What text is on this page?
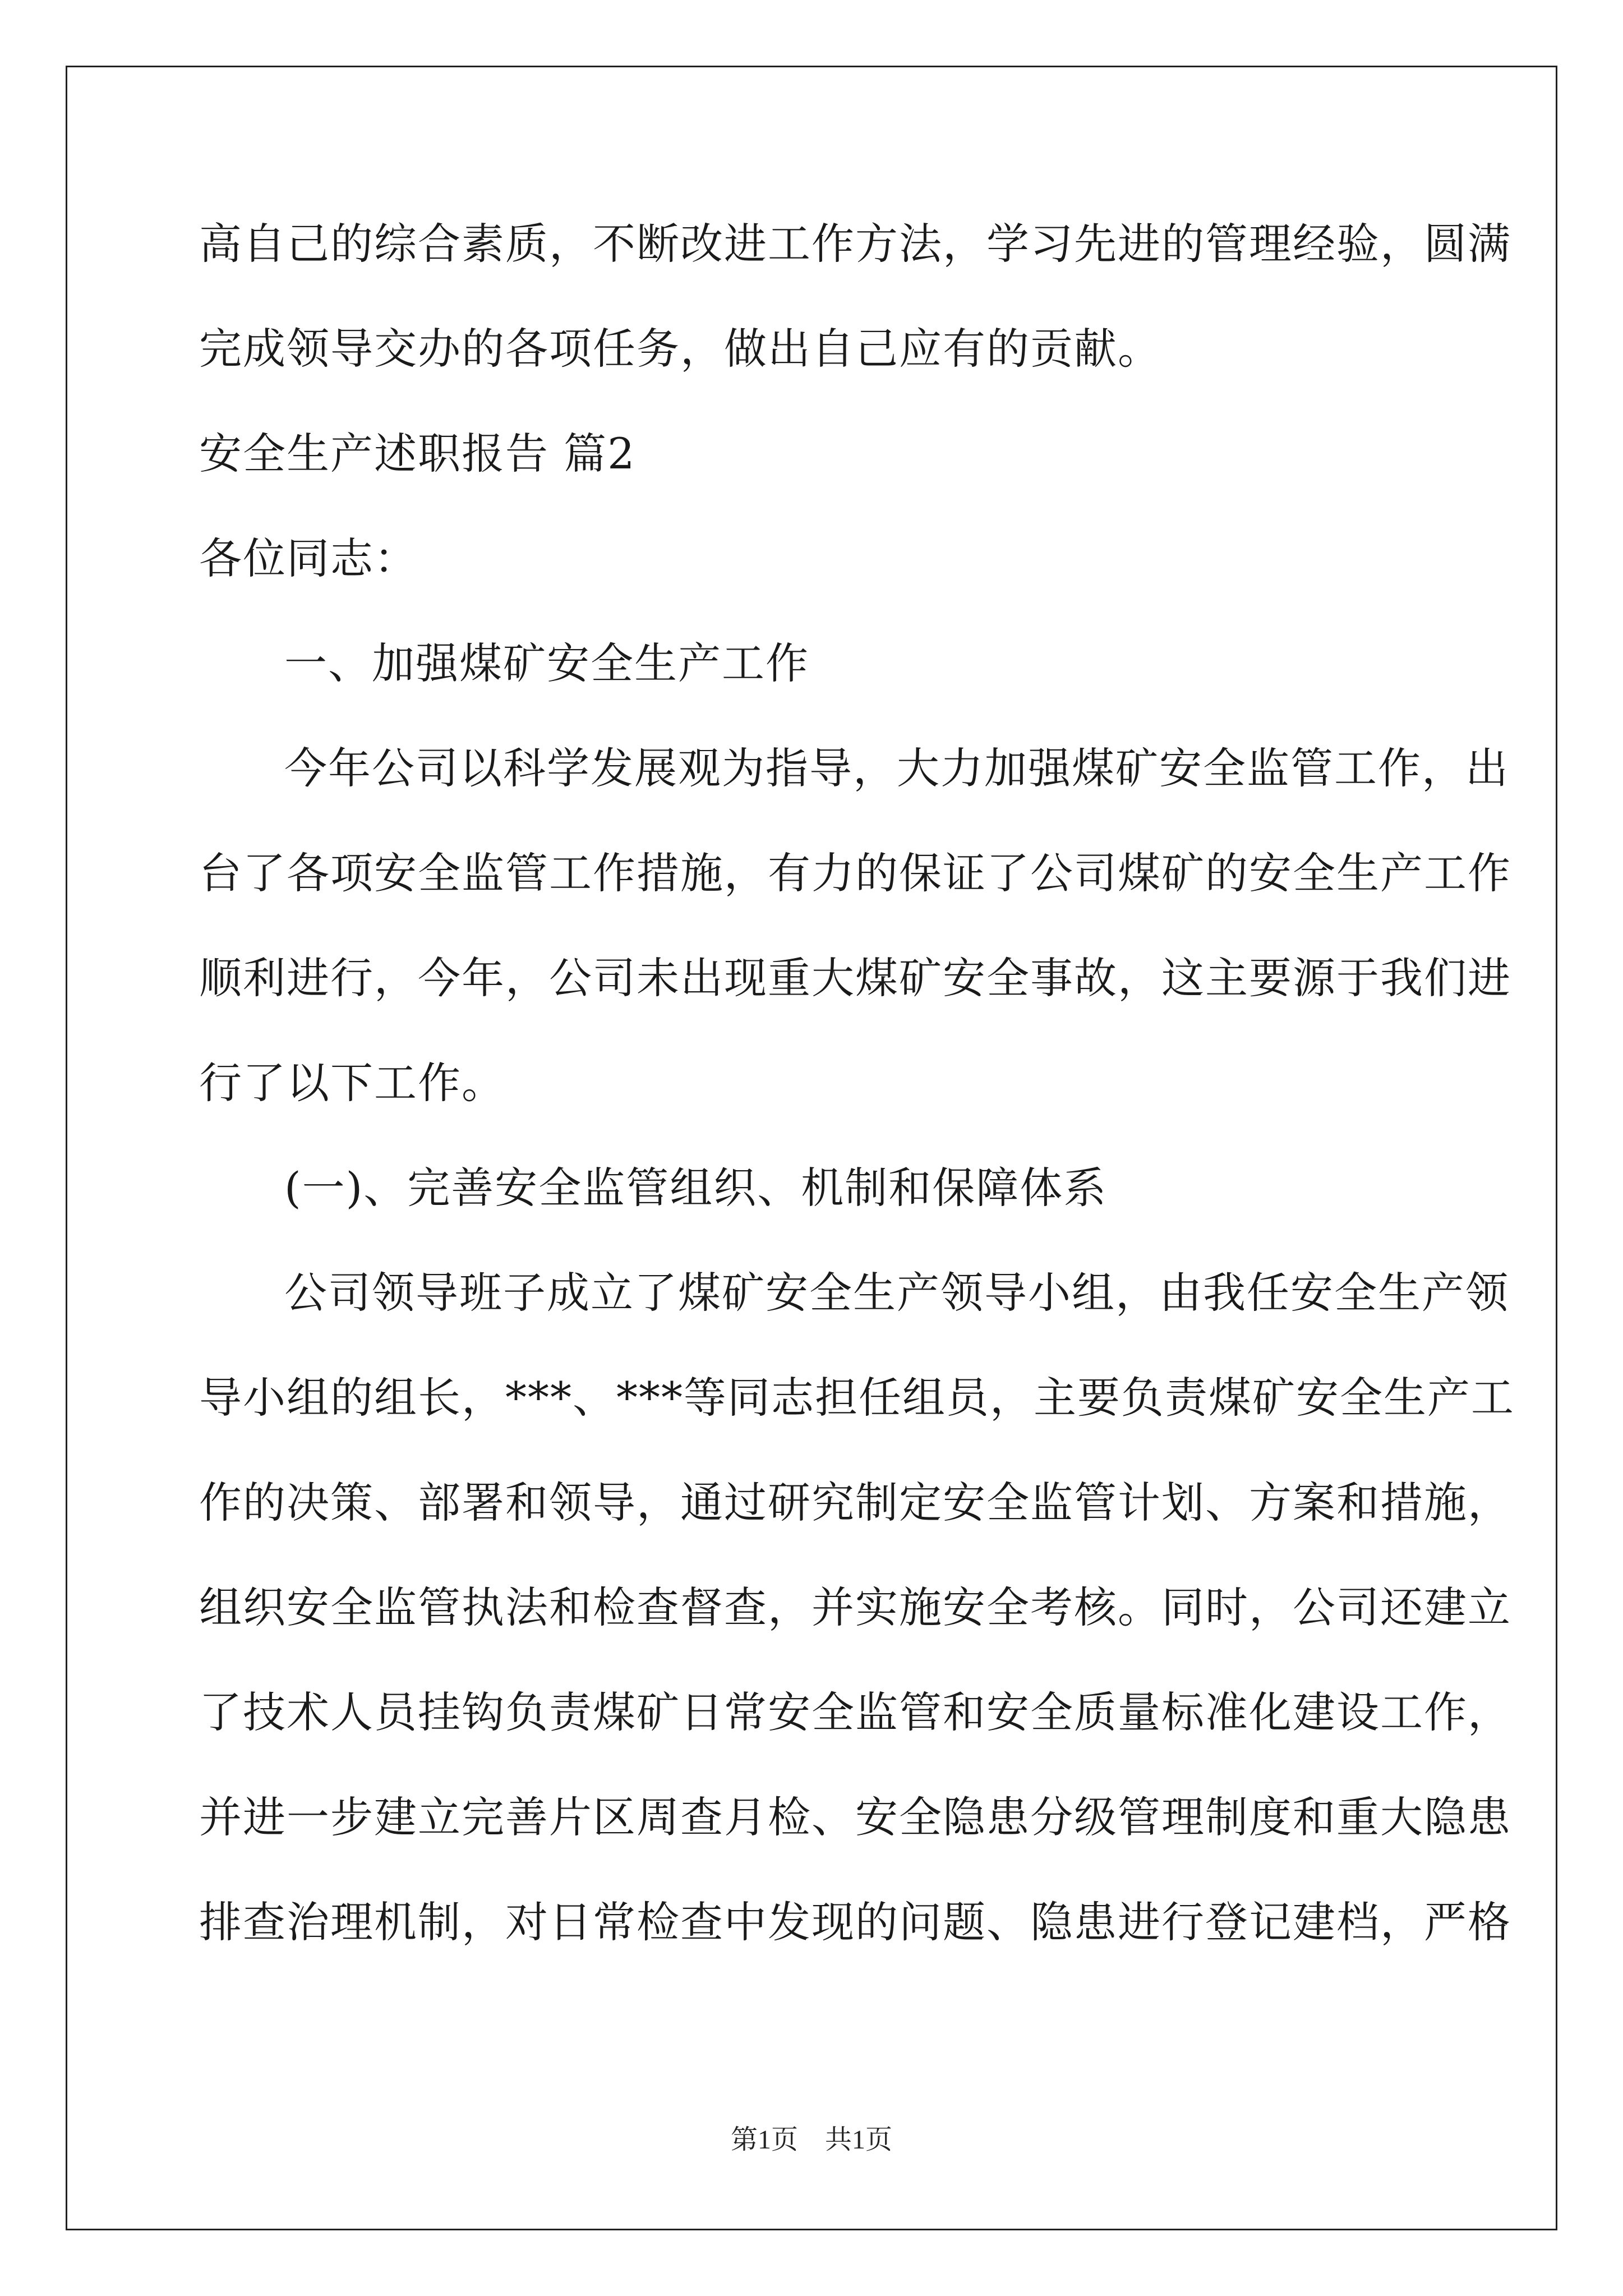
高自己的综合素质，不断改进工作方法，学习先进的管理经验，圆满
完成领导交办的各项任务，做出自己应有的贡献。
安全生产述职报告 篇2
各位同志：
一、加强煤矿安全生产工作
今年公司以科学发展观为指导，大力加强煤矿安全监管工作，出
台了各项安全监管工作措施，有力的保证了公司煤矿的安全生产工作
顺利进行，今年，公司未出现重大煤矿安全事故，这主要源于我们进
行了以下工作。
(一)、完善安全监管组织、机制和保障体系
公司领导班子成立了煤矿安全生产领导小组，由我任安全生产领
导小组的组长，***、***等同志担任组员，主要负责煤矿安全生产工
作的决策、部署和领导，通过研究制定安全监管计划、方案和措施，
组织安全监管执法和检查督查，并实施安全考核。同时，公司还建立
了技术人员挂钩负责煤矿日常安全监管和安全质量标准化建设工作，
并进一步建立完善片区周查月检、安全隐患分级管理制度和重大隐患
排查治理机制，对日常检查中发现的问题、隐患进行登记建档，严格
第1页　共1页
